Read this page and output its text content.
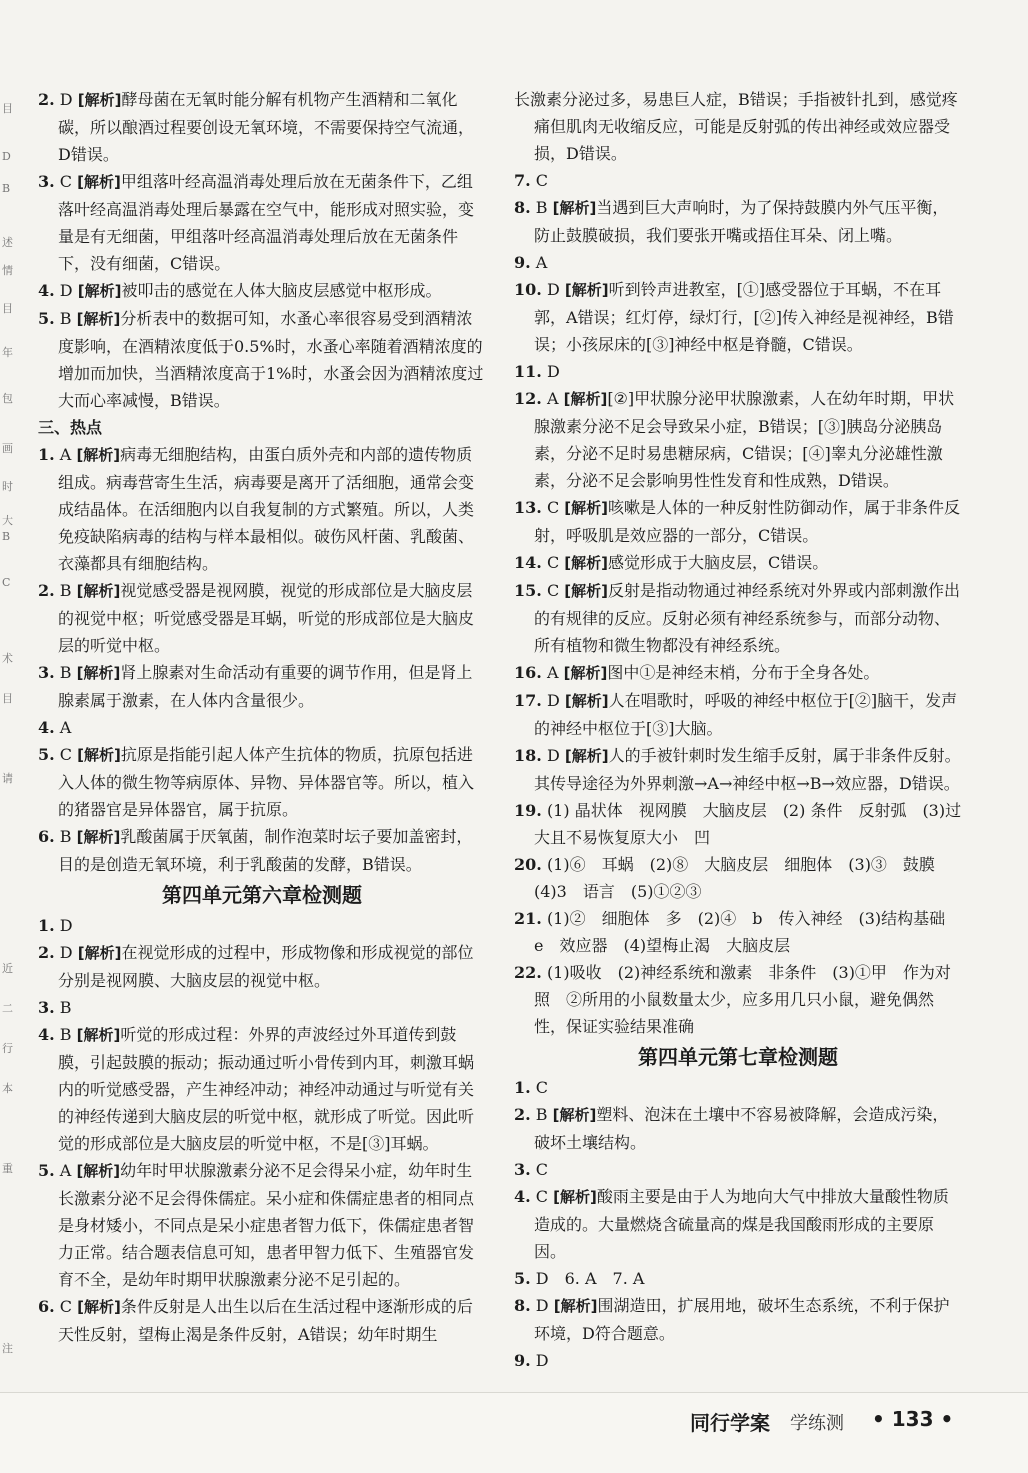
目
D
B
述
情
目
年
包
画
时
大
B
C
术
目
请
近
二
行
本
重
注

2. D [解析]酵母菌在无氧时能分解有机物产生酒精和二氧化碳，所以酿酒过程要创设无氧环境，不需要保持空气流通，D错误。

3. C [解析]甲组落叶经高温消毒处理后放在无菌条件下，乙组落叶经高温消毒处理后暴露在空气中，能形成对照实验，变量是有无细菌，甲组落叶经高温消毒处理后放在无菌条件下，没有细菌，C错误。

4. D [解析]被叩击的感觉在人体大脑皮层感觉中枢形成。

5. B [解析]分析表中的数据可知，水蚤心率很容易受到酒精浓度影响，在酒精浓度低于0.5%时，水蚤心率随着酒精浓度的增加而加快，当酒精浓度高于1%时，水蚤会因为酒精浓度过大而心率减慢，B错误。

三、热点

1. A [解析]病毒无细胞结构，由蛋白质外壳和内部的遗传物质组成。病毒营寄生生活，病毒要是离开了活细胞，通常会变成结晶体。在活细胞内以自我复制的方式繁殖。所以，人类免疫缺陷病毒的结构与样本最相似。破伤风杆菌、乳酸菌、衣藻都具有细胞结构。

2. B [解析]视觉感受器是视网膜，视觉的形成部位是大脑皮层的视觉中枢；听觉感受器是耳蜗，听觉的形成部位是大脑皮层的听觉中枢。

3. B [解析]肾上腺素对生命活动有重要的调节作用，但是肾上腺素属于激素，在人体内含量很少。

4. A

5. C [解析]抗原是指能引起人体产生抗体的物质，抗原包括进入人体的微生物等病原体、异物、异体器官等。所以，植入的猪器官是异体器官，属于抗原。

6. B [解析]乳酸菌属于厌氧菌，制作泡菜时坛子要加盖密封，目的是创造无氧环境，利于乳酸菌的发酵，B错误。

第四单元第六章检测题

1. D

2. D [解析]在视觉形成的过程中，形成物像和形成视觉的部位分别是视网膜、大脑皮层的视觉中枢。

3. B

4. B [解析]听觉的形成过程：外界的声波经过外耳道传到鼓膜，引起鼓膜的振动；振动通过听小骨传到内耳，刺激耳蜗内的听觉感受器，产生神经冲动；神经冲动通过与听觉有关的神经传递到大脑皮层的听觉中枢，就形成了听觉。因此听觉的形成部位是大脑皮层的听觉中枢，不是[③]耳蜗。

5. A [解析]幼年时甲状腺激素分泌不足会得呆小症，幼年时生长激素分泌不足会得侏儒症。呆小症和侏儒症患者的相同点是身材矮小，不同点是呆小症患者智力低下，侏儒症患者智力正常。结合题表信息可知，患者甲智力低下、生殖器官发育不全，是幼年时期甲状腺激素分泌不足引起的。

6. C [解析]条件反射是人出生以后在生活过程中逐渐形成的后天性反射，望梅止渴是条件反射，A错误；幼年时期生

长激素分泌过多，易患巨人症，B错误；手指被针扎到，感觉疼痛但肌肉无收缩反应，可能是反射弧的传出神经或效应器受损，D错误。

7. C

8. B [解析]当遇到巨大声响时，为了保持鼓膜内外气压平衡，防止鼓膜破损，我们要张开嘴或捂住耳朵、闭上嘴。

9. A

10. D [解析]听到铃声进教室，[①]感受器位于耳蜗，不在耳郭，A错误；红灯停，绿灯行，[②]传入神经是视神经，B错误；小孩尿床的[③]神经中枢是脊髓，C错误。

11. D

12. A [解析][②]甲状腺分泌甲状腺激素，人在幼年时期，甲状腺激素分泌不足会导致呆小症，B错误；[③]胰岛分泌胰岛素，分泌不足时易患糖尿病，C错误；[④]睾丸分泌雄性激素，分泌不足会影响男性性发育和性成熟，D错误。

13. C [解析]咳嗽是人体的一种反射性防御动作，属于非条件反射，呼吸肌是效应器的一部分，C错误。

14. C [解析]感觉形成于大脑皮层，C错误。

15. C [解析]反射是指动物通过神经系统对外界或内部刺激作出的有规律的反应。反射必须有神经系统参与，而部分动物、所有植物和微生物都没有神经系统。

16. A [解析]图中①是神经末梢，分布于全身各处。

17. D [解析]人在唱歌时，呼吸的神经中枢位于[②]脑干，发声的神经中枢位于[③]大脑。

18. D [解析]人的手被针刺时发生缩手反射，属于非条件反射。其传导途径为外界刺激→A→神经中枢→B→效应器，D错误。

19. (1) 晶状体　视网膜　大脑皮层　(2) 条件　反射弧　(3)过大且不易恢复原大小　凹

20. (1)⑥　耳蜗　(2)⑧　大脑皮层　细胞体　(3)③　鼓膜　(4)3　语言　(5)①②③

21. (1)②　细胞体　多　(2)④　b　传入神经　(3)结构基础　e　效应器　(4)望梅止渴　大脑皮层

22. (1)吸收　(2)神经系统和激素　非条件　(3)①甲　作为对照　②所用的小鼠数量太少，应多用几只小鼠，避免偶然性，保证实验结果准确

第四单元第七章检测题

1. C

2. B [解析]塑料、泡沫在土壤中不容易被降解，会造成污染，破坏土壤结构。

3. C

4. C [解析]酸雨主要是由于人为地向大气中排放大量酸性物质造成的。大量燃烧含硫量高的煤是我国酸雨形成的主要原因。

5. D　6. A　7. A

8. D [解析]围湖造田，扩展用地，破坏生态系统，不利于保护环境，D符合题意。

9. D

同行学案 学练测 • 133 •
